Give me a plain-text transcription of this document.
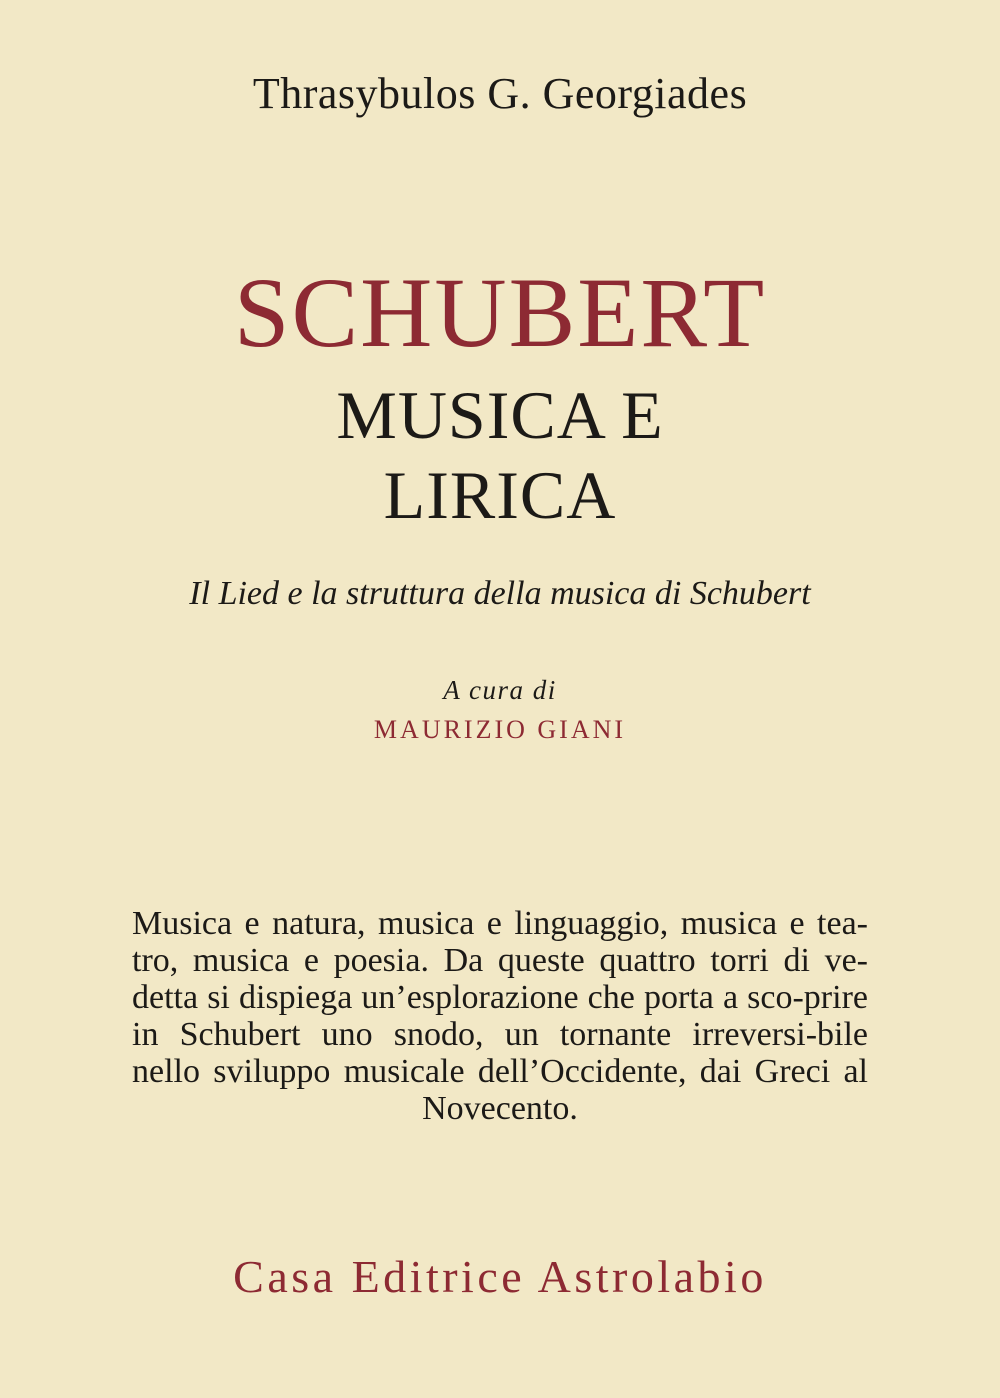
Thrasybulos G. Georgiades
SCHUBERT
MUSICA E
LIRICA
Il Lied e la struttura della musica di Schubert
A cura di
MAURIZIO GIANI
Musica e natura, musica e linguaggio, musica e tea-tro, musica e poesia. Da queste quattro torri di ve-detta si dispiega un’esplorazione che porta a sco-prire in Schubert uno snodo, un tornante irreversi-bile nello sviluppo musicale dell’Occidente, dai Greci al Novecento.
Casa Editrice Astrolabio
